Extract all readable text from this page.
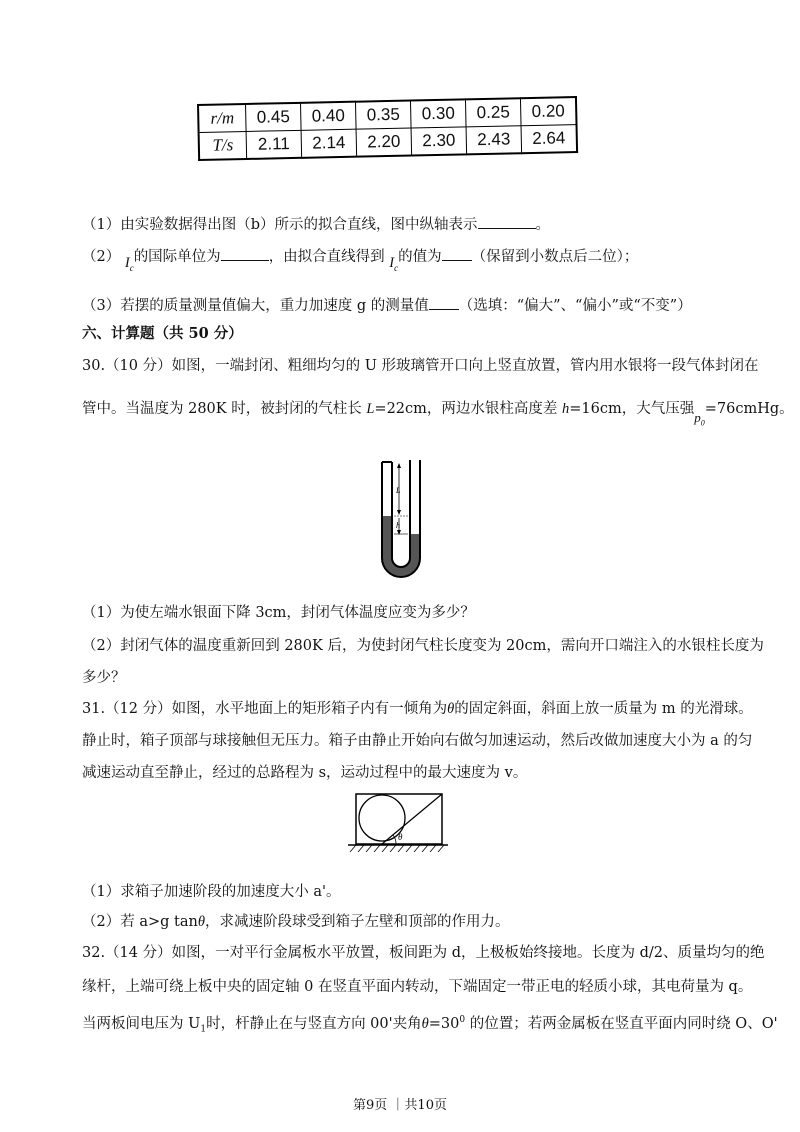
r/m	0.45	0.40	0.35	0.30	0.25	0.20
T/s	2.11	2.14	2.20	2.30	2.43	2.64
（1）由实验数据得出图（b）所示的拟合直线，图中纵轴表示	。
（2） $I_c$的国际单位为	，由拟合直线得到 $I_c$的值为 （保留到小数点后二位）；
（3）若摆的质量测量值偏大，重力加速度 g 的测量值 （选填：“偏大”、“偏小”或“不变”）
六、计算题（共 50 分）
30.（10 分）如图，一端封闭、粗细均匀的 U 形玻璃管开口向上竖直放置，管内用水银将一段气体封闭在
管中。当温度为 280K 时，被封闭的气柱长 L=22cm，两边水银柱高度差 h=16cm，大气压强$p_0=76cmHg$。
L
h
（1）为使左端水银面下降 3cm，封闭气体温度应变为多少？
（2）封闭气体的温度重新回到 280K 后，为使封闭气柱长度变为 20cm，需向开口端注入的水银柱长度为
多少？
31.（12 分）如图，水平地面上的矩形箱子内有一倾角为θ的固定斜面，斜面上放一质量为 m 的光滑球。
静止时，箱子顶部与球接触但无压力。箱子由静止开始向右做匀加速运动，然后改做加速度大小为 a 的匀
减速运动直至静止，经过的总路程为 s，运动过程中的最大速度为 v。
θ
（1）求箱子加速阶段的加速度大小 a'。
（2）若 a>g tanθ，求减速阶段球受到箱子左壁和顶部的作用力。
32.（14 分）如图，一对平行金属板水平放置，板间距为 d，上极板始终接地。长度为 d/2、质量均匀的绝
缘杆，上端可绕上板中央的固定轴 0 在竖直平面内转动，下端固定一带正电的轻质小球，其电荷量为 q。
当两板间电压为 $U_1$时，杆静止在与竖直方向 00'夹角$\theta=30^0$ 的位置；若两金属板在竖直平面内同时绕 O、O'
第9页 ｜共10页
